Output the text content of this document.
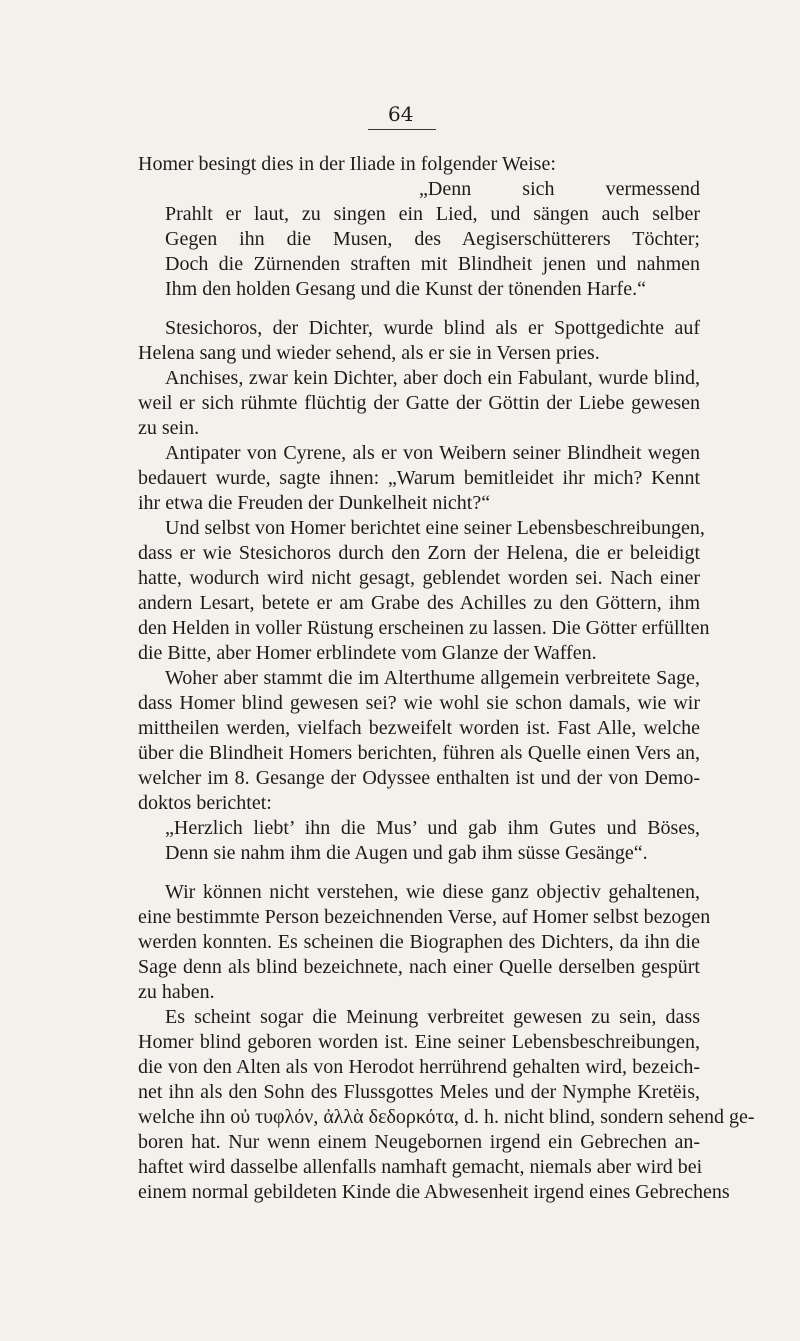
64
Homer besingt dies in der Iliade in folgender Weise:
„Denn sich vermessend
Prahlt er laut, zu singen ein Lied, und sängen auch selber
Gegen ihn die Musen, des Aegiserschütterers Töchter;
Doch die Zürnenden straften mit Blindheit jenen und nahmen
Ihm den holden Gesang und die Kunst der tönenden Harfe.“
Stesichoros, der Dichter, wurde blind als er Spottgedichte auf
Helena sang und wieder sehend, als er sie in Versen pries.
Anchises, zwar kein Dichter, aber doch ein Fabulant, wurde blind,
weil er sich rühmte flüchtig der Gatte der Göttin der Liebe gewesen
zu sein.
Antipater von Cyrene, als er von Weibern seiner Blindheit wegen
bedauert wurde, sagte ihnen: „Warum bemitleidet ihr mich? Kennt
ihr etwa die Freuden der Dunkelheit nicht?“
Und selbst von Homer berichtet eine seiner Lebensbeschreibungen,
dass er wie Stesichoros durch den Zorn der Helena, die er beleidigt
hatte, wodurch wird nicht gesagt, geblendet worden sei. Nach einer
andern Lesart, betete er am Grabe des Achilles zu den Göttern, ihm
den Helden in voller Rüstung erscheinen zu lassen. Die Götter erfüllten
die Bitte, aber Homer erblindete vom Glanze der Waffen.
Woher aber stammt die im Alterthume allgemein verbreitete Sage,
dass Homer blind gewesen sei? wie wohl sie schon damals, wie wir
mittheilen werden, vielfach bezweifelt worden ist. Fast Alle, welche
über die Blindheit Homers berichten, führen als Quelle einen Vers an,
welcher im 8. Gesange der Odyssee enthalten ist und der von Demo-
doktos berichtet:
„Herzlich liebt’ ihn die Mus’ und gab ihm Gutes und Böses,
Denn sie nahm ihm die Augen und gab ihm süsse Gesänge“.
Wir können nicht verstehen, wie diese ganz objectiv gehaltenen,
eine bestimmte Person bezeichnenden Verse, auf Homer selbst bezogen
werden konnten. Es scheinen die Biographen des Dichters, da ihn die
Sage denn als blind bezeichnete, nach einer Quelle derselben gespürt
zu haben.
Es scheint sogar die Meinung verbreitet gewesen zu sein, dass
Homer blind geboren worden ist. Eine seiner Lebensbeschreibungen,
die von den Alten als von Herodot herrührend gehalten wird, bezeich-
net ihn als den Sohn des Flussgottes Meles und der Nymphe Kretëis,
welche ihn οὐ τυφλόν, ἀλλὰ δεδορκότα, d. h. nicht blind, sondern sehend ge-
boren hat. Nur wenn einem Neugebornen irgend ein Gebrechen an-
haftet wird dasselbe allenfalls namhaft gemacht, niemals aber wird bei
einem normal gebildeten Kinde die Abwesenheit irgend eines Gebrechens
